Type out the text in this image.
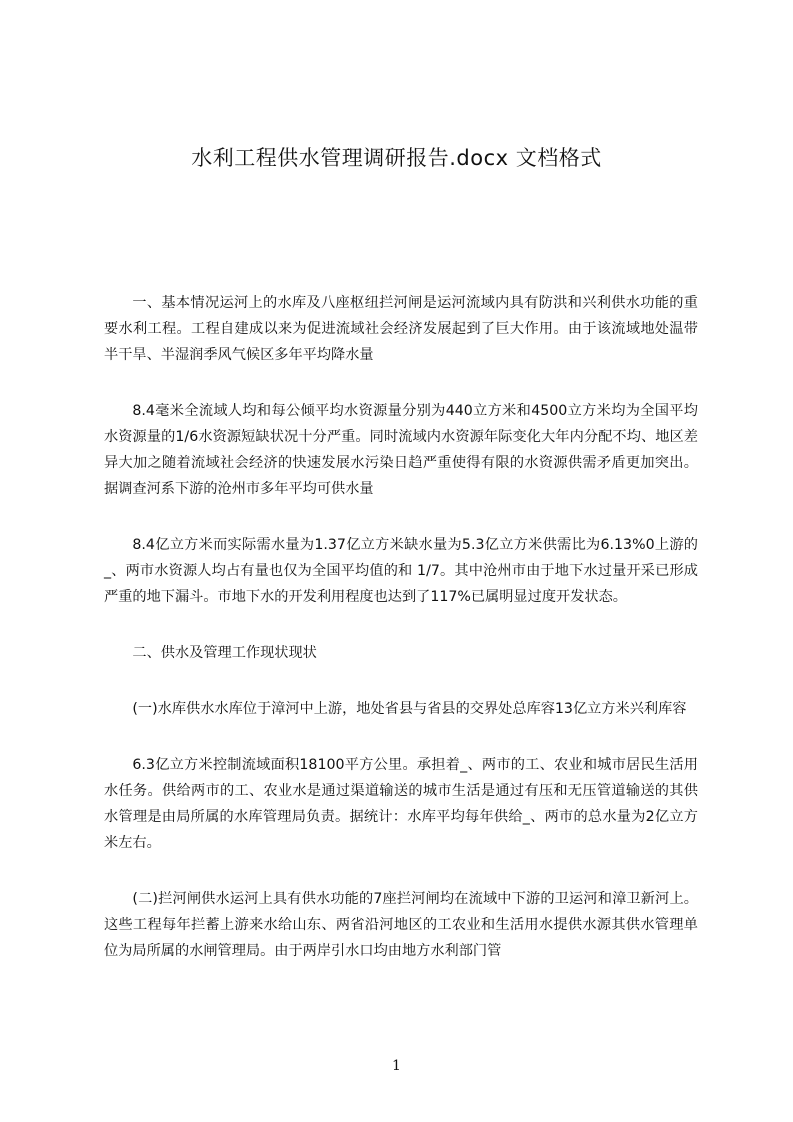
水利工程供水管理调研报告.docx 文档格式

一、基本情况运河上的水库及八座枢纽拦河闸是运河流域内具有防洪和兴利供水功能的重要水利工程。工程自建成以来为促进流域社会经济发展起到了巨大作用。由于该流域地处温带半干旱、半湿润季风气候区多年平均降水量

8.4毫米全流域人均和每公倾平均水资源量分别为440立方米和4500立方米均为全国平均水资源量的1/6水资源短缺状况十分严重。同时流域内水资源年际变化大年内分配不均、地区差异大加之随着流域社会经济的快速发展水污染日趋严重使得有限的水资源供需矛盾更加突出。据调查河系下游的沧州市多年平均可供水量

8.4亿立方米而实际需水量为1.37亿立方米缺水量为5.3亿立方米供需比为6.13%0上游的_、两市水资源人均占有量也仅为全国平均值的和 1/7。其中沧州市由于地下水过量开采已形成严重的地下漏斗。市地下水的开发利用程度也达到了117%已属明显过度开发状态。

二、供水及管理工作现状现状

(一)水库供水水库位于漳河中上游，地处省县与省县的交界处总库容13亿立方米兴利库容

6.3亿立方米控制流域面积18100平方公里。承担着_、两市的工、农业和城市居民生活用水任务。供给两市的工、农业水是通过渠道输送的城市生活是通过有压和无压管道输送的其供水管理是由局所属的水库管理局负责。据统计：水库平均每年供给_、两市的总水量为2亿立方米左右。

(二)拦河闸供水运河上具有供水功能的7座拦河闸均在流域中下游的卫运河和漳卫新河上。这些工程每年拦蓄上游来水给山东、两省沿河地区的工农业和生活用水提供水源其供水管理单位为局所属的水闸管理局。由于两岸引水口均由地方水利部门管

1
